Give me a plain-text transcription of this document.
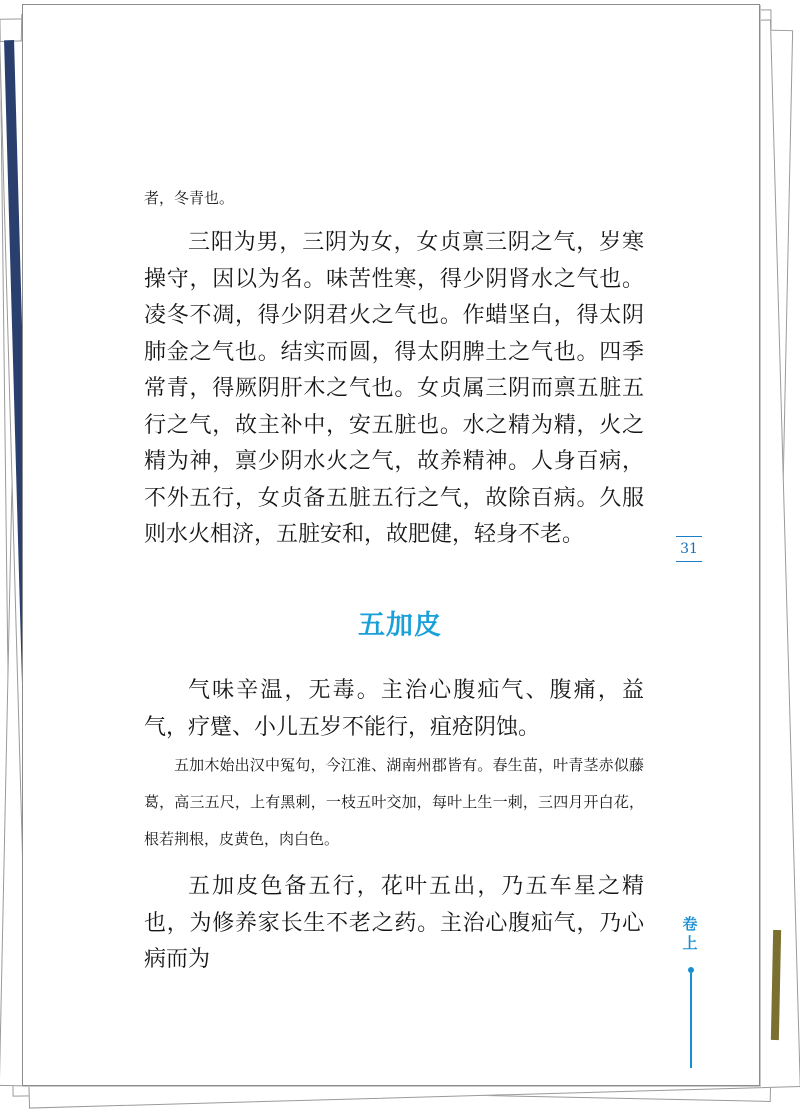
者，冬青也。

三阳为男，三阴为女，女贞禀三阴之气，岁寒操守，因以为名。味苦性寒，得少阴肾水之气也。凌冬不凋，得少阴君火之气也。作蜡坚白，得太阴肺金之气也。结实而圆，得太阴脾土之气也。四季常青，得厥阴肝木之气也。女贞属三阴而禀五脏五行之气，故主补中，安五脏也。水之精为精，火之精为神，禀少阴水火之气，故养精神。人身百病，不外五行，女贞备五脏五行之气，故除百病。久服则水火相济，五脏安和，故肥健，轻身不老。

31
五加皮

气味辛温，无毒。主治心腹疝气、腹痛，益气，疗躄、小儿五岁不能行，疽疮阴蚀。

五加木始出汉中冤句，今江淮、湖南州郡皆有。春生苗，叶青茎赤似藤葛，高三五尺，上有黑刺，一枝五叶交加，每叶上生一刺，三四月开白花，根若荆根，皮黄色，肉白色。

五加皮色备五行，花叶五出，乃五车星之精也，为修养家长生不老之药。主治心腹疝气，乃心病而为

卷上
